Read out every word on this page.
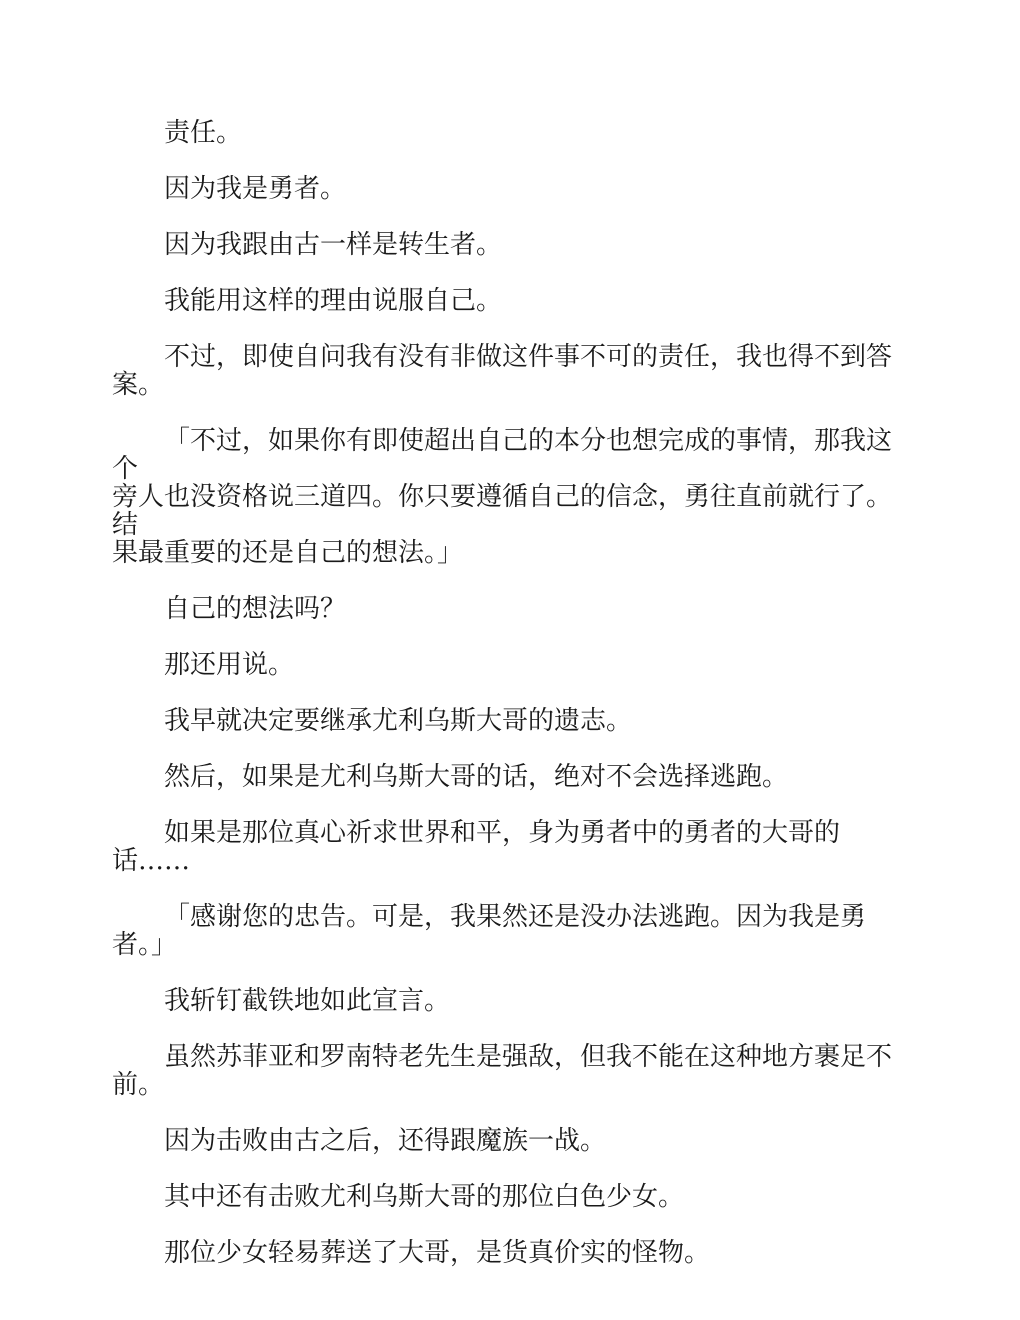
责任。

因为我是勇者。

因为我跟由古一样是转生者。

我能用这样的理由说服自己。

不过，即使自问我有没有非做这件事不可的责任，我也得不到答
案。

「不过，如果你有即使超出自己的本分也想完成的事情，那我这个
旁人也没资格说三道四。你只要遵循自己的信念，勇往直前就行了。结
果最重要的还是自己的想法。」

自己的想法吗？

那还用说。

我早就决定要继承尤利乌斯大哥的遗志。

然后，如果是尤利乌斯大哥的话，绝对不会选择逃跑。

如果是那位真心祈求世界和平，身为勇者中的勇者的大哥的话……

「感谢您的忠告。可是，我果然还是没办法逃跑。因为我是勇
者。」

我斩钉截铁地如此宣言。

虽然苏菲亚和罗南特老先生是强敌，但我不能在这种地方裹足不
前。

因为击败由古之后，还得跟魔族一战。

其中还有击败尤利乌斯大哥的那位白色少女。

那位少女轻易葬送了大哥，是货真价实的怪物。
